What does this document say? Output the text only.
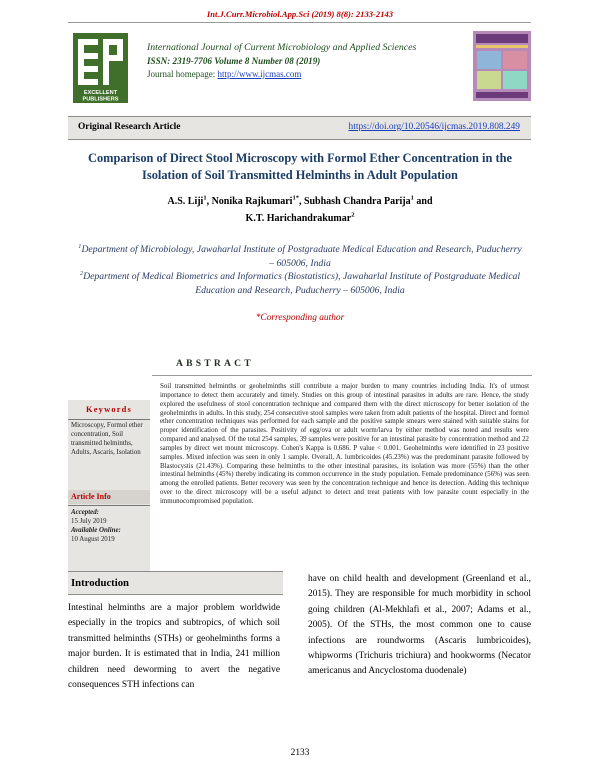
Int.J.Curr.Microbiol.App.Sci (2019) 8(8): 2133-2143
EXCELLENT
PUBLISHERS
International Journal of Current Microbiology and Applied Sciences
ISSN: 2319-7706 Volume 8 Number 08 (2019)
Journal homepage: http://www.ijcmas.com
Original Research Article	https://doi.org/10.20546/ijcmas.2019.808.249
Comparison of Direct Stool Microscopy with Formol Ether Concentration in the Isolation of Soil Transmitted Helminths in Adult Population
A.S. Liji$^1$, Nonika Rajkumari$^{1*}$, Subhash Chandra Parija$^1$ and
K.T. Harichandrakumar$^2$
$^1$Department of Microbiology, Jawaharlal Institute of Postgraduate Medical Education and Research, Puducherry – 605006, India
$^2$Department of Medical Biometrics and Informatics (Biostatistics), Jawaharlal Institute of Postgraduate Medical Education and Research, Puducherry – 605006, India
*Corresponding author
ABSTRACT
Keywords
Microscopy, Formol ether concentration, Soil transmitted helminths, Adults, Ascaris, Isolation
Article Info
Accepted:
15 July 2019
Available Online:
10 August 2019
Soil transmitted helminths or geohelminths still contribute a major burden to many countries including India. It's of utmost importance to detect them accurately and timely. Studies on this group of intestinal parasites in adults are rare. Hence, the study explored the usefulness of stool concentration technique and compared them with the direct microscopy for better isolation of the geohelminths in adults. In this study, 254 consecutive stool samples were taken from adult patients of the hospital. Direct and formol ether concentration techniques was performed for each sample and the positive sample smears were stained with suitable stains for proper identification of the parasites. Positivity of egg/ova or adult worm/larva by either method was noted and results were compared and analysed. Of the total 254 samples, 39 samples were positive for an intestinal parasite by concentration method and 22 samples by direct wet mount microscopy. Cohen's Kappa is 0.686. P value < 0.001. Geohelminths were identified in 23 positive samples. Mixed infection was seen in only 1 sample. Overall, A. lumbricoides (45.23%) was the predominant parasite followed by Blastocystis (21.43%). Comparing these helminths to the other intestinal parasites, its isolation was more (55%) than the other intestinal helminths (45%) thereby indicating its common occurrence in the study population. Female predominance (56%) was seen among the enrolled patients. Better recovery was seen by the concentration technique and hence its detection. Adding this technique over to the direct microscopy will be a useful adjunct to detect and treat patients with low parasite count especially in the immunocompromised population.
Introduction
Intestinal helminths are a major problem worldwide especially in the tropics and subtropics, of which soil transmitted helminths (STHs) or geohelminths forms a major burden. It is estimated that in India, 241 million children need deworming to avert the negative consequences STH infections can
have on child health and development (Greenland et al., 2015). They are responsible for much morbidity in school going children (Al-Mekhlafi et al., 2007; Adams et al., 2005). Of the STHs, the most common one to cause infections are roundworms (Ascaris lumbricoides), whipworms (Trichuris trichiura) and hookworms (Necator americanus and Ancyclostoma duodenale)
2133
